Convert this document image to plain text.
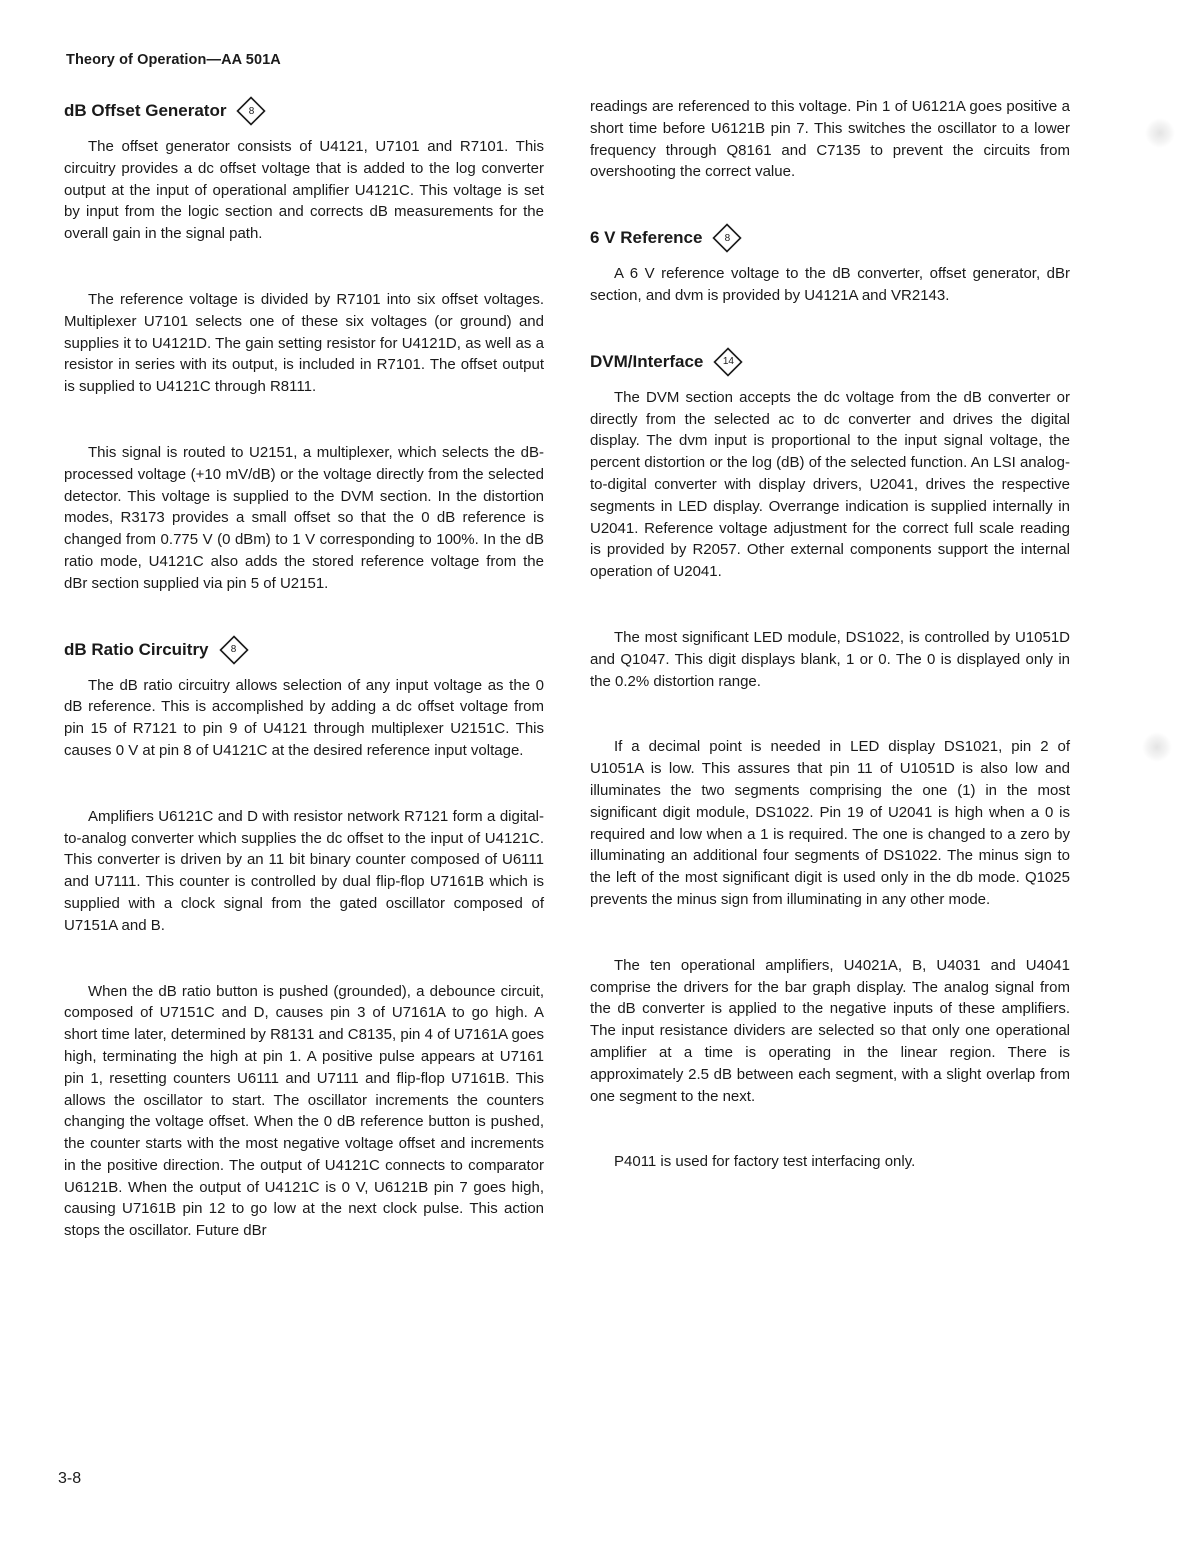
Theory of Operation—AA 501A
dB Offset Generator	8

The offset generator consists of U4121, U7101 and R7101. This circuitry provides a dc offset voltage that is added to the log converter output at the input of operational amplifier U4121C. This voltage is set by input from the logic section and corrects dB measurements for the overall gain in the signal path.

The reference voltage is divided by R7101 into six offset voltages. Multiplexer U7101 selects one of these six voltages (or ground) and supplies it to U4121D. The gain setting resistor for U4121D, as well as a resistor in series with its output, is included in R7101. The offset output is supplied to U4121C through R8111.

This signal is routed to U2151, a multiplexer, which selects the dB-processed voltage (+10 mV/dB) or the voltage directly from the selected detector. This voltage is supplied to the DVM section. In the distortion modes, R3173 provides a small offset so that the 0 dB reference is changed from 0.775 V (0 dBm) to 1 V corresponding to 100%. In the dB ratio mode, U4121C also adds the stored reference voltage from the dBr section supplied via pin 5 of U2151.

dB Ratio Circuitry	8

The dB ratio circuitry allows selection of any input voltage as the 0 dB reference. This is accomplished by adding a dc offset voltage from pin 15 of R7121 to pin 9 of U4121 through multiplexer U2151C. This causes 0 V at pin 8 of U4121C at the desired reference input voltage.

Amplifiers U6121C and D with resistor network R7121 form a digital-to-analog converter which supplies the dc offset to the input of U4121C. This converter is driven by an 11 bit binary counter composed of U6111 and U7111. This counter is controlled by dual flip-flop U7161B which is supplied with a clock signal from the gated oscillator composed of U7151A and B.

When the dB ratio button is pushed (grounded), a debounce circuit, composed of U7151C and D, causes pin 3 of U7161A to go high. A short time later, determined by R8131 and C8135, pin 4 of U7161A goes high, terminating the high at pin 1. A positive pulse appears at U7161 pin 1, resetting counters U6111 and U7111 and flip-flop U7161B. This allows the oscillator to start. The oscillator increments the counters changing the voltage offset. When the 0 dB reference button is pushed, the counter starts with the most negative voltage offset and increments in the positive direction. The output of U4121C connects to comparator U6121B. When the output of U4121C is 0 V, U6121B pin 7 goes high, causing U7161B pin 12 to go low at the next clock pulse. This action stops the oscillator. Future dBr

readings are referenced to this voltage. Pin 1 of U6121A goes positive a short time before U6121B pin 7. This switches the oscillator to a lower frequency through Q8161 and C7135 to prevent the circuits from overshooting the correct value.

6 V Reference	8

A 6 V reference voltage to the dB converter, offset generator, dBr section, and dvm is provided by U4121A and VR2143.

DVM/Interface	14

The DVM section accepts the dc voltage from the dB converter or directly from the selected ac to dc converter and drives the digital display. The dvm input is proportional to the input signal voltage, the percent distortion or the log (dB) of the selected function. An LSI analog-to-digital converter with display drivers, U2041, drives the respective segments in LED display. Overrange indication is supplied internally in U2041. Reference voltage adjustment for the correct full scale reading is provided by R2057. Other external components support the internal operation of U2041.

The most significant LED module, DS1022, is controlled by U1051D and Q1047. This digit displays blank, 1 or 0. The 0 is displayed only in the 0.2% distortion range.

If a decimal point is needed in LED display DS1021, pin 2 of U1051A is low. This assures that pin 11 of U1051D is also low and illuminates the two segments comprising the one (1) in the most significant digit module, DS1022. Pin 19 of U2041 is high when a 0 is required and low when a 1 is required. The one is changed to a zero by illuminating an additional four segments of DS1022. The minus sign to the left of the most significant digit is used only in the db mode. Q1025 prevents the minus sign from illuminating in any other mode.

The ten operational amplifiers, U4021A, B, U4031 and U4041 comprise the drivers for the bar graph display. The analog signal from the dB converter is applied to the negative inputs of these amplifiers. The input resistance dividers are selected so that only one operational amplifier at a time is operating in the linear region. There is approximately 2.5 dB between each segment, with a slight overlap from one segment to the next.

P4011 is used for factory test interfacing only.

3-8
